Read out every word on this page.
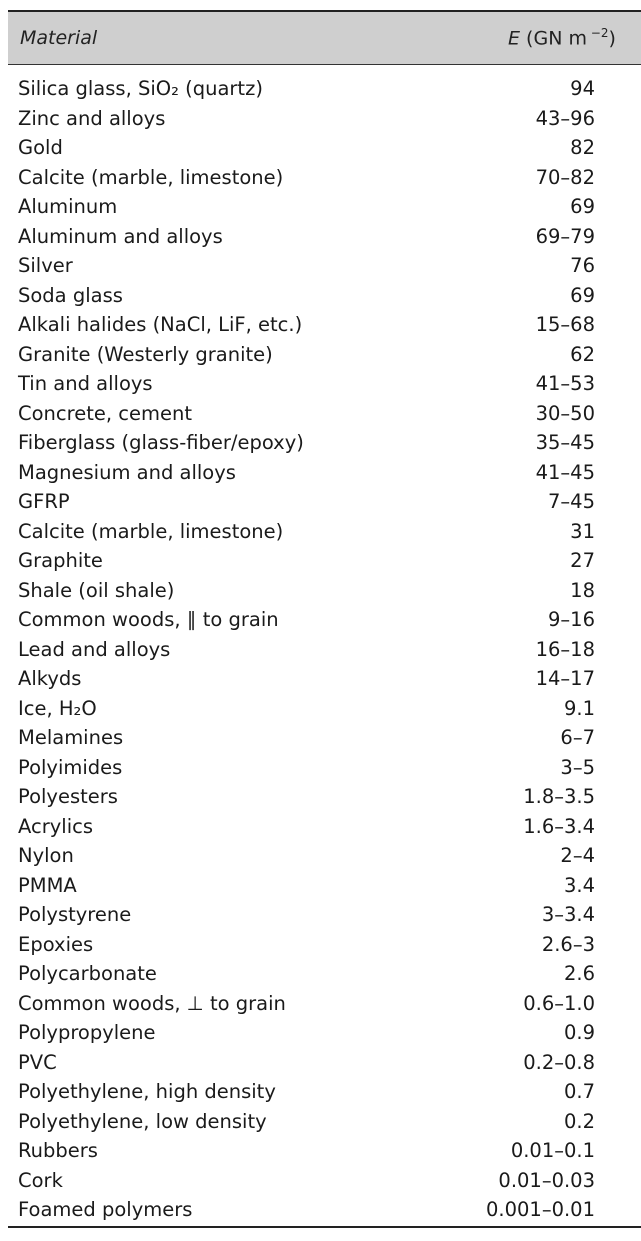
Material	E (GN m $^{-2}$)
Silica glass, SiO₂ (quartz)	94
Zinc and alloys	43–96
Gold	82
Calcite (marble, limestone)	70–82
Aluminum	69
Aluminum and alloys	69–79
Silver	76
Soda glass	69
Alkali halides (NaCl, LiF, etc.)	15–68
Granite (Westerly granite)	62
Tin and alloys	41–53
Concrete, cement	30–50
Fiberglass (glass-fiber/epoxy)	35–45
Magnesium and alloys	41–45
GFRP	7–45
Calcite (marble, limestone)	31
Graphite	27
Shale (oil shale)	18
Common woods, ∥ to grain	9–16
Lead and alloys	16–18
Alkyds	14–17
Ice, H₂O	9.1
Melamines	6–7
Polyimides	3–5
Polyesters	1.8–3.5
Acrylics	1.6–3.4
Nylon	2–4
PMMA	3.4
Polystyrene	3–3.4
Epoxies	2.6–3
Polycarbonate	2.6
Common woods, ⊥ to grain	0.6–1.0
Polypropylene	0.9
PVC	0.2–0.8
Polyethylene, high density	0.7
Polyethylene, low density	0.2
Rubbers	0.01–0.1
Cork	0.01–0.03
Foamed polymers	0.001–0.01
